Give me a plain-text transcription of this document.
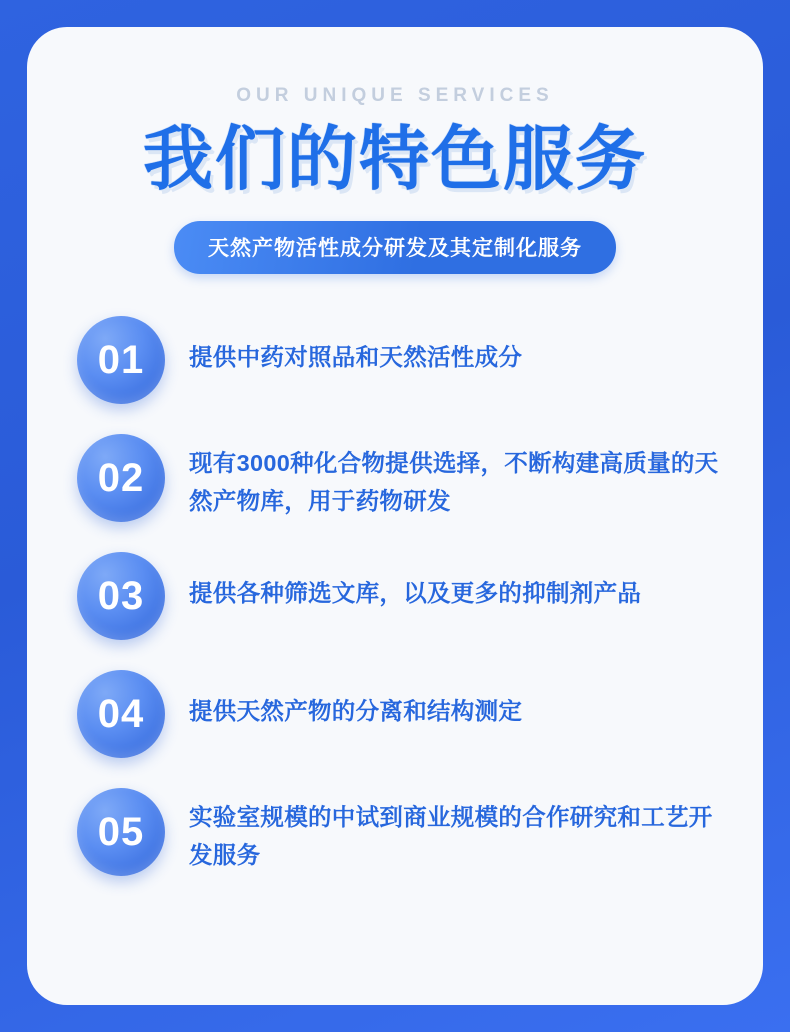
OUR UNIQUE SERVICES
我们的特色服务
天然产物活性成分研发及其定制化服务
01	提供中药对照品和天然活性成分
02	现有3000种化合物提供选择，不断构建高质量的天然产物库，用于药物研发
03	提供各种筛选文库，以及更多的抑制剂产品
04	提供天然产物的分离和结构测定
05	实验室规模的中试到商业规模的合作研究和工艺开发服务
